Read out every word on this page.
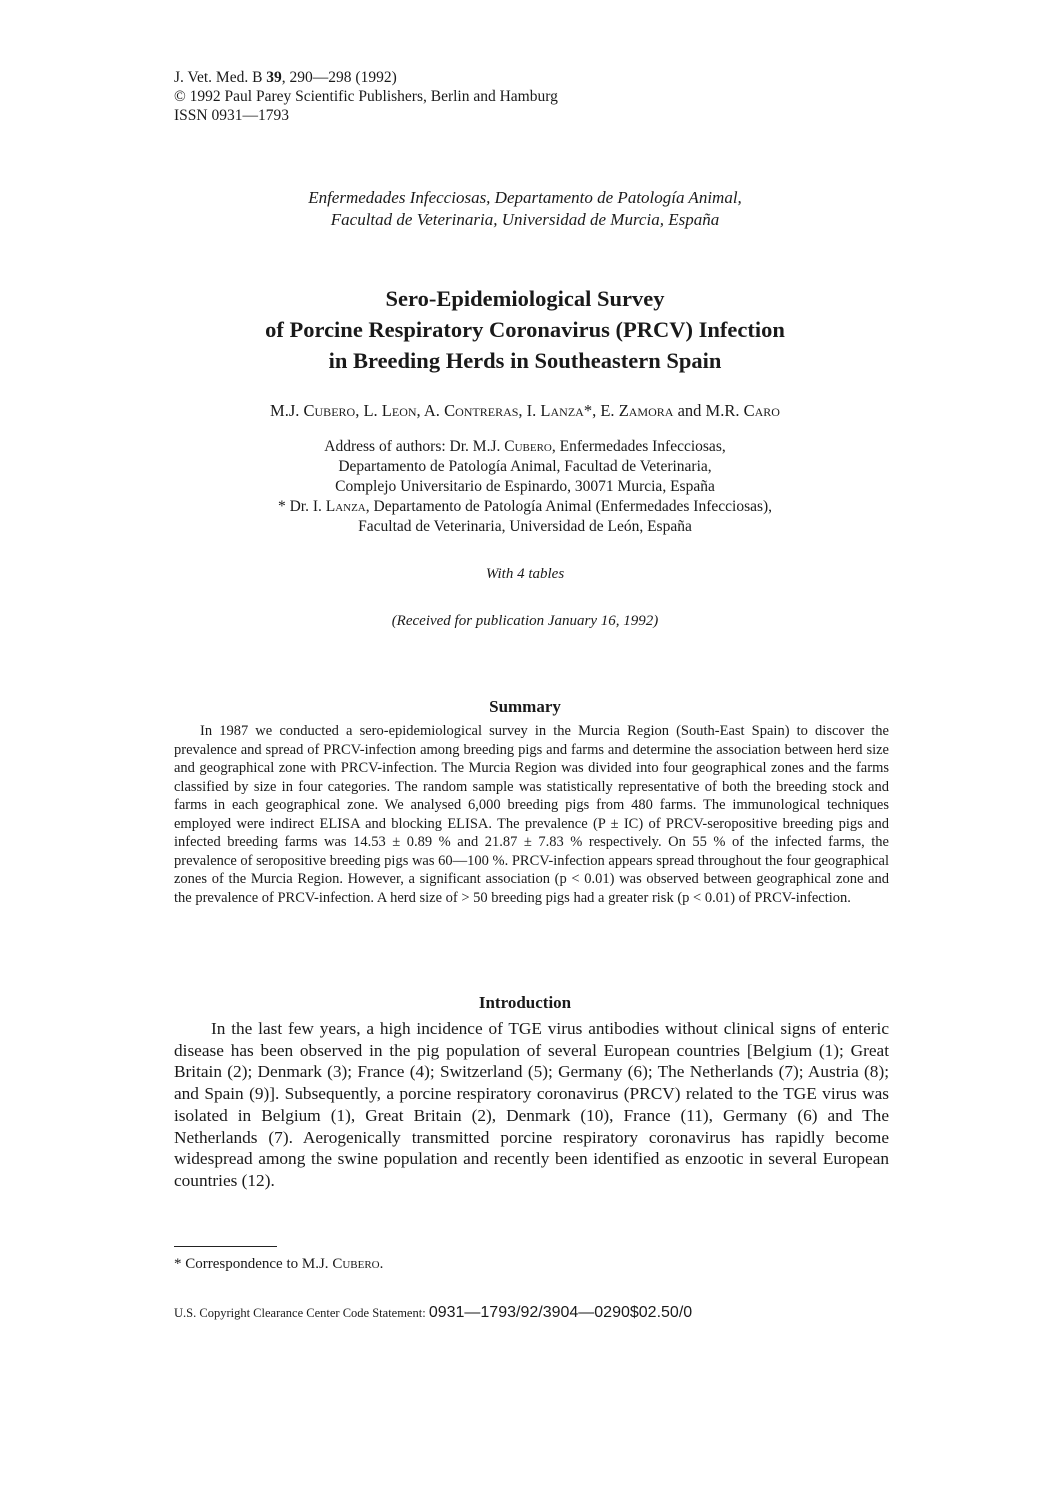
J. Vet. Med. B 39, 290—298 (1992)
© 1992 Paul Parey Scientific Publishers, Berlin and Hamburg
ISSN 0931—1793
Enfermedades Infecciosas, Departamento de Patología Animal,
Facultad de Veterinaria, Universidad de Murcia, España
Sero-Epidemiological Survey
of Porcine Respiratory Coronavirus (PRCV) Infection
in Breeding Herds in Southeastern Spain
M.J. Cubero, L. Leon, A. Contreras, I. Lanza*, E. Zamora and M.R. Caro
Address of authors: Dr. M.J. Cubero, Enfermedades Infecciosas,
Departamento de Patología Animal, Facultad de Veterinaria,
Complejo Universitario de Espinardo, 30071 Murcia, España
* Dr. I. Lanza, Departamento de Patología Animal (Enfermedades Infecciosas),
Facultad de Veterinaria, Universidad de León, España
With 4 tables
(Received for publication January 16, 1992)
Summary
In 1987 we conducted a sero-epidemiological survey in the Murcia Region (South-East Spain) to discover the prevalence and spread of PRCV-infection among breeding pigs and farms and determine the association between herd size and geographical zone with PRCV-infection. The Murcia Region was divided into four geographical zones and the farms classified by size in four categories. The random sample was statistically representative of both the breeding stock and farms in each geographical zone. We analysed 6,000 breeding pigs from 480 farms. The immunological techniques employed were indirect ELISA and blocking ELISA. The prevalence (P ± IC) of PRCV-seropositive breeding pigs and infected breeding farms was 14.53 ± 0.89 % and 21.87 ± 7.83 % respectively. On 55 % of the infected farms, the prevalence of seropositive breeding pigs was 60—100 %. PRCV-infection appears spread throughout the four geographical zones of the Murcia Region. However, a significant association (p < 0.01) was observed between geographical zone and the prevalence of PRCV-infection. A herd size of > 50 breeding pigs had a greater risk (p < 0.01) of PRCV-infection.
Introduction
In the last few years, a high incidence of TGE virus antibodies without clinical signs of enteric disease has been observed in the pig population of several European countries [Belgium (1); Great Britain (2); Denmark (3); France (4); Switzerland (5); Germany (6); The Netherlands (7); Austria (8); and Spain (9)]. Subsequently, a porcine respiratory coronavirus (PRCV) related to the TGE virus was isolated in Belgium (1), Great Britain (2), Denmark (10), France (11), Germany (6) and The Netherlands (7). Aerogenically transmitted porcine respiratory coronavirus has rapidly become widespread among the swine population and recently been identified as enzootic in several European countries (12).
* Correspondence to M.J. Cubero.
U.S. Copyright Clearance Center Code Statement: 0931—1793/92/3904—0290$02.50/0
